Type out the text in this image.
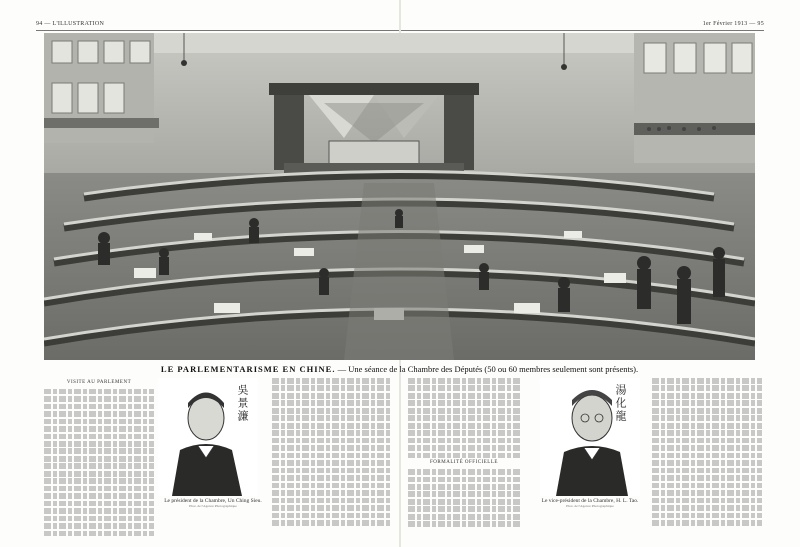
94 — L'ILLUSTRATION	1er Février 1913 — 95
LE PARLEMENTARISME EN CHINE. — Une séance de la Chambre des Députés (50 ou 60 membres seulement sont présents).
VISITE AU PARLEMENT
吳景濂
Le président de la Chambre, Un Ching Sieu.
Phot. de l'Agence Photographique
FORMALITÉ OFFICIELLE
湯化龍
Le vice-président de la Chambre, H. L. Tao.
Phot. de l'Agence Photographique
